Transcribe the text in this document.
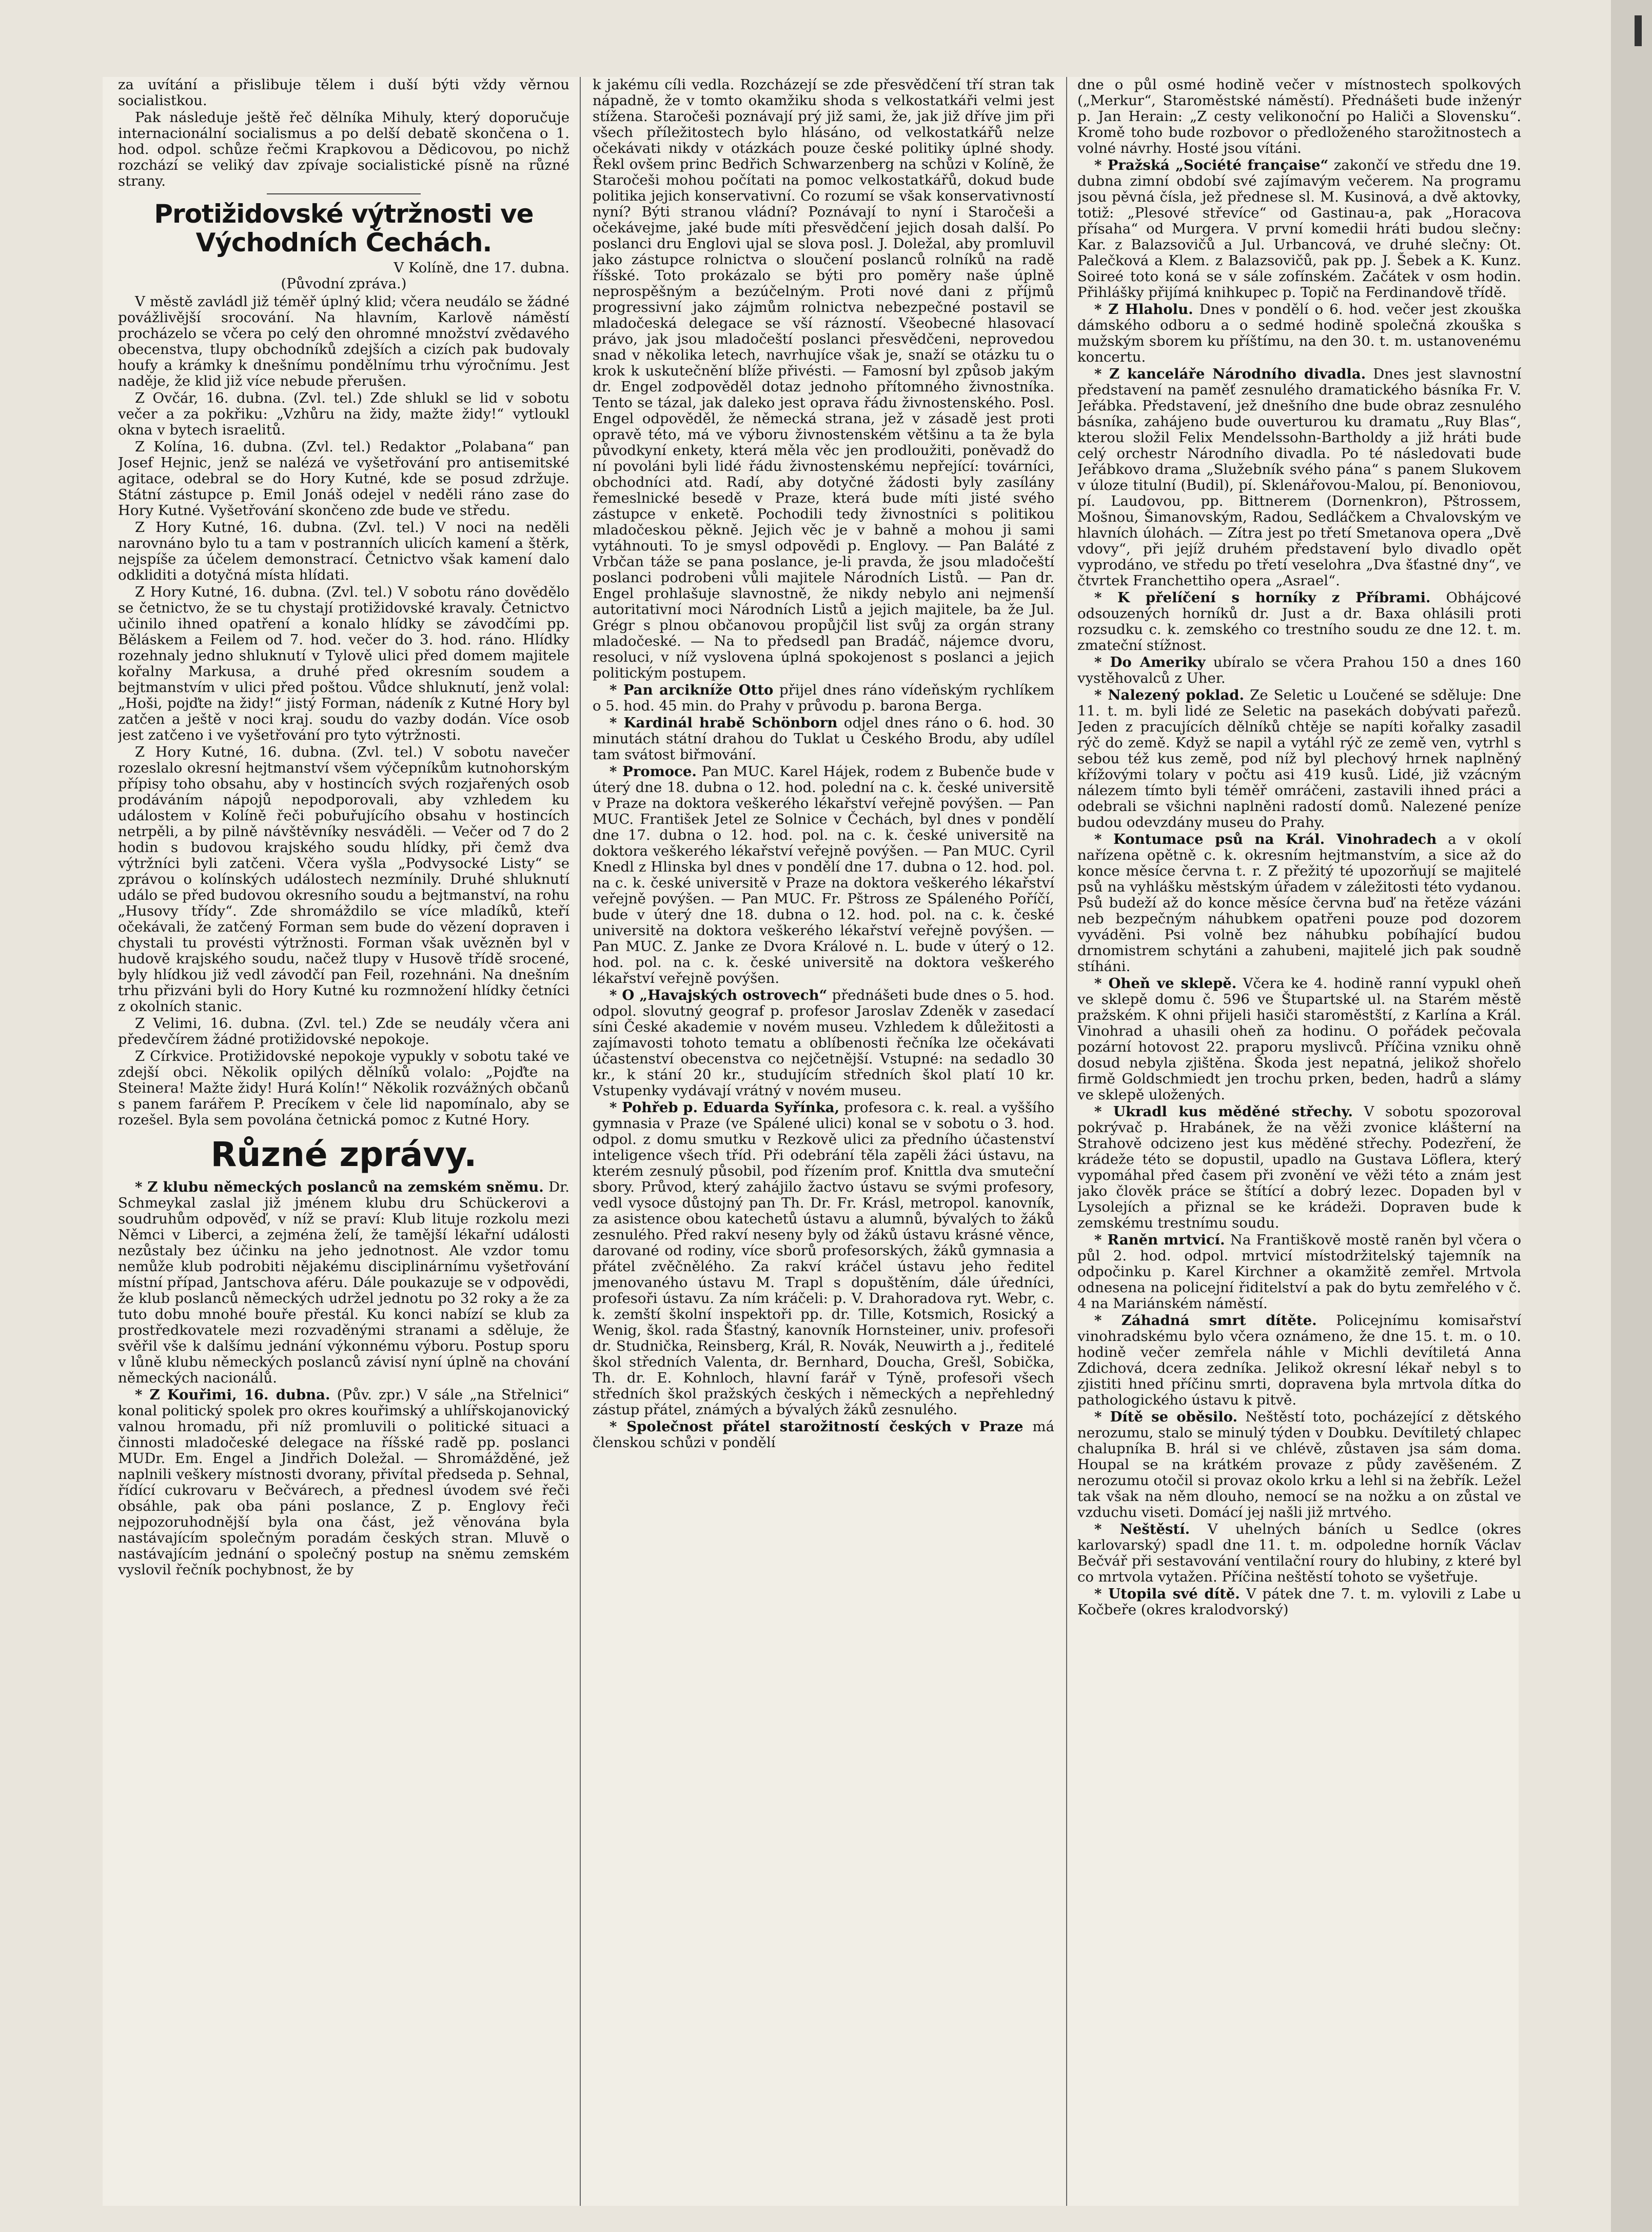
za uvítání a přislibuje tělem i duší býti vždy věrnou socialistkou.

Pak následuje ještě řeč dělníka Mihuly, který doporučuje internacionální socialismus a po delší debatě skončena o 1. hod. odpol. schůze řečmi Krapkovou a Dědicovou, po nichž rozchází se veliký dav zpívaje socialistické písně na různé strany.

Protižidovské výtržnosti ve Východních Čechách.
V Kolíně, dne 17. dubna.
(Původní zpráva.)

V městě zavládl již téměř úplný klid; včera neudálo se žádné povážlivější srocování. Na hlavním, Karlově náměstí procházelo se včera po celý den ohromné množství zvědavého obecenstva, tlupy obchodníků zdejších a cizích pak budovaly houfy a krámky k dnešnímu pondělnímu trhu výročnímu. Jest naděje, že klid již více nebude přerušen.

Z Ovčár, 16. dubna. (Zvl. tel.) Zde shlukl se lid v sobotu večer a za pokřiku: „Vzhůru na židy, mažte židy!“ vytloukl okna v bytech israelitů.

Z Kolína, 16. dubna. (Zvl. tel.) Redaktor „Polabana“ pan Josef Hejnic, jenž se nalézá ve vyšetřování pro antisemitské agitace, odebral se do Hory Kutné, kde se posud zdržuje. Státní zástupce p. Emil Jonáš odejel v neděli ráno zase do Hory Kutné. Vyšetřování skončeno zde bude ve středu.

Z Hory Kutné, 16. dubna. (Zvl. tel.) V noci na neděli narovnáno bylo tu a tam v postranních ulicích kamení a štěrk, nejspíše za účelem demonstrací. Četnictvo však kamení dalo odkliditi a dotyčná místa hlídati.

Z Hory Kutné, 16. dubna. (Zvl. tel.) V sobotu ráno dovědělo se četnictvo, že se tu chystají protižidovské kravaly. Četnictvo učinilo ihned opatření a konalo hlídky se závodčími pp. Běláskem a Feilem od 7. hod. večer do 3. hod. ráno. Hlídky rozehnaly jedno shluknutí v Tylově ulici před domem majitele kořalny Markusa, a druhé před okresním soudem a bejtmanstvím v ulici před poštou. Vůdce shluknutí, jenž volal: „Hoši, pojďte na židy!“ jistý Forman, nádeník z Kutné Hory byl zatčen a ještě v noci kraj. soudu do vazby dodán. Více osob jest zatčeno i ve vyšetřování pro tyto výtržnosti.

Z Hory Kutné, 16. dubna. (Zvl. tel.) V sobotu navečer rozeslalo okresní hejtmanství všem výčepníkům kutnohorským přípisy toho obsahu, aby v hostincích svých rozjařených osob prodáváním nápojů nepodporovali, aby vzhledem ku událostem v Kolíně řeči pobuřujícího obsahu v hostincích netrpěli, a by pilně návštěvníky nesváděli. — Večer od 7 do 2 hodin s budovou krajského soudu hlídky, při čemž dva výtržníci byli zatčeni. Včera vyšla „Podvysocké Listy“ se zprávou o kolínských událostech nezmínily. Druhé shluknutí událo se před budovou okresního soudu a bejtmanství, na rohu „Husovy třídy“. Zde shromáždilo se více mladíků, kteří očekávali, že zatčený Forman sem bude do vězení dopraven i chystali tu provésti výtržnosti. Forman však uvězněn byl v hudově krajského soudu, načež tlupy v Husově třídě srocené, byly hlídkou již vedl závodčí pan Feil, rozehnáni. Na dnešním trhu přizváni byli do Hory Kutné ku rozmnožení hlídky četníci z okolních stanic.

Z Velimi, 16. dubna. (Zvl. tel.) Zde se neudály včera ani předevčírem žádné protižidovské nepokoje.

Z Církvice. Protižidovské nepokoje vypukly v sobotu také ve zdejší obci. Několik opilých dělníků volalo: „Pojďte na Steinera! Mažte židy! Hurá Kolín!“ Několik rozvážných občanů s panem farářem P. Precíkem v čele lid napomínalo, aby se rozešel. Byla sem povolána četnická pomoc z Kutné Hory.

Různé zprávy.

* Z klubu německých poslanců na zemském sněmu. Dr. Schmeykal zaslal již jménem klubu dru Schückerovi a soudruhům odpověď, v níž se praví: Klub lituje rozkolu mezi Němci v Liberci, a zejména želí, že tamější lékařní události nezůstaly bez účinku na jeho jednotnost. Ale vzdor tomu nemůže klub podrobiti nějakému disciplinárnímu vyšetřování místní případ, Jantschova aféru. Dále poukazuje se v odpovědi, že klub poslanců německých udržel jednotu po 32 roky a že za tuto dobu mnohé bouře přestál. Ku konci nabízí se klub za prostředkovatele mezi rozvaděnými stranami a sděluje, že svěřil vše k dalšímu jednání výkonnému výboru. Postup sporu v lůně klubu německých poslanců závisí nyní úplně na chování německých nacionálů.

* Z Kouřimi, 16. dubna. (Pův. zpr.) V sále „na Střelnici“ konal politický spolek pro okres kouřimský a uhlířskojanovický valnou hromadu, při níž promluvili o politické situaci a činnosti mladočeské delegace na říšské radě pp. poslanci MUDr. Em. Engel a Jindřich Doležal. — Shromážděné, jež naplnili veškery místnosti dvorany, přivítal předseda p. Sehnal, řídící cukrovaru v Bečvárech, a přednesl úvodem své řeči obsáhle, pak oba páni poslance, Z p. Englovy řeči nejpozoruhodnější byla ona část, jež věnována byla nastávajícím společným poradám českých stran. Mluvě o nastávajícím jednání o společný postup na sněmu zemském vyslovil řečník pochybnost, že by

k jakému cíli vedla. Rozcházejí se zde přesvědčení tří stran tak nápadně, že v tomto okamžiku shoda s velkostatkáři velmi jest stížena. Staročeši poznávají prý již sami, že, jak již dříve jim při všech příležitostech bylo hlásáno, od velkostatkářů nelze očekávati nikdy v otázkách pouze české politiky úplné shody. Řekl ovšem princ Bedřich Schwarzenberg na schůzi v Kolíně, že Staročeši mohou počítati na pomoc velkostatkářů, dokud bude politika jejich konservativní. Co rozumí se však konservativností nyní? Býti stranou vládní? Poznávají to nyní i Staročeši a očekávejme, jaké bude míti přesvědčení jejich dosah další. Po poslanci dru Englovi ujal se slova posl. J. Doležal, aby promluvil jako zástupce rolnictva o sloučení poslanců rolníků na radě říšské. Toto prokázalo se býti pro poměry naše úplně neprospěšným a bezúčelným. Proti nové dani z příjmů progressivní jako zájmům rolnictva nebezpečné postavil se mladočeská delegace se vší rázností. Všeobecné hlasovací právo, jak jsou mladočeští poslanci přesvědčeni, neprovedou snad v několika letech, navrhujíce však je, snaží se otázku tu o krok k uskutečnění blíže přivésti. — Famosní byl způsob jakým dr. Engel zodpověděl dotaz jednoho přítomného živnostníka. Tento se tázal, jak daleko jest oprava řádu živnostenského. Posl. Engel odpověděl, že německá strana, jež v zásadě jest proti opravě této, má ve výboru živnostenském většinu a ta že byla původkyní enkety, která měla věc jen prodloužiti, poněvadž do ní povoláni byli lidé řádu živnostenskému nepřející: továrníci, obchodníci atd. Radí, aby dotyčné žádosti byly zasílány řemeslnické besedě v Praze, která bude míti jisté svého zástupce v enketě. Pochodili tedy živnostníci s politikou mladočeskou pěkně. Jejich věc je v bahně a mohou ji sami vytáhnouti. To je smysl odpovědi p. Englovy. — Pan Baláté z Vrbčan táže se pana poslance, je-li pravda, že jsou mladočeští poslanci podrobeni vůli majitele Národních Listů. — Pan dr. Engel prohlašuje slavnostně, že nikdy nebylo ani nejmenší autoritativní moci Národních Listů a jejich majitele, ba že Jul. Grégr s plnou občanovou propůjčil list svůj za orgán strany mladočeské. — Na to předsedl pan Bradáč, nájemce dvoru, resoluci, v níž vyslovena úplná spokojenost s poslanci a jejich politickým postupem.

* Pan arcikníže Otto přijel dnes ráno vídeňským rychlíkem o 5. hod. 45 min. do Prahy v průvodu p. barona Berga.

* Kardinál hrabě Schönborn odjel dnes ráno o 6. hod. 30 minutách státní drahou do Tuklat u Českého Brodu, aby udílel tam svátost biřmování.

* Promoce. Pan MUC. Karel Hájek, rodem z Bubenče bude v úterý dne 18. dubna o 12. hod. polední na c. k. české universitě v Praze na doktora veškerého lékařství veřejně povýšen. — Pan MUC. František Jetel ze Solnice v Čechách, byl dnes v pondělí dne 17. dubna o 12. hod. pol. na c. k. české universitě na doktora veškerého lékařství veřejně povýšen. — Pan MUC. Cyril Knedl z Hlinska byl dnes v pondělí dne 17. dubna o 12. hod. pol. na c. k. české universitě v Praze na doktora veškerého lékařství veřejně povýšen. — Pan MUC. Fr. Pštross ze Spáleného Poříčí, bude v úterý dne 18. dubna o 12. hod. pol. na c. k. české universitě na doktora veškerého lékařství veřejně povýšen. — Pan MUC. Z. Janke ze Dvora Králové n. L. bude v úterý o 12. hod. pol. na c. k. české universitě na doktora veškerého lékařství veřejně povýšen.

* O „Havajských ostrovech“ přednášeti bude dnes o 5. hod. odpol. slovutný geograf p. profesor Jaroslav Zdeněk v zasedací síni České akademie v novém museu. Vzhledem k důležitosti a zajímavosti tohoto tematu a oblíbenosti řečníka lze očekávati účastenství obecenstva co nejčetnější. Vstupné: na sedadlo 30 kr., k stání 20 kr., studujícím středních škol platí 10 kr. Vstupenky vydávají vrátný v novém museu.

* Pohřeb p. Eduarda Syřínka, profesora c. k. real. a vyššího gymnasia v Praze (ve Spálené ulici) konal se v sobotu o 3. hod. odpol. z domu smutku v Rezkově ulici za předního účastenství inteligence všech tříd. Při odebrání těla zapěli žáci ústavu, na kterém zesnulý působil, pod řízením prof. Knittla dva smuteční sbory. Průvod, který zahájilo žactvo ústavu se svými profesory, vedl vysoce důstojný pan Th. Dr. Fr. Krásl, metropol. kanovník, za asistence obou katechetů ústavu a alumnů, bývalých to žáků zesnulého. Před rakví neseny byly od žáků ústavu krásné věnce, darované od rodiny, více sborů profesorských, žáků gymnasia a přátel zvěčnělého. Za rakví kráčel ústavu jeho ředitel jmenovaného ústavu M. Trapl s dopuštěním, dále úředníci, profesoři ústavu. Za ním kráčeli: p. V. Drahoradova ryt. Webr, c. k. zemští školní inspektoři pp. dr. Tille, Kotsmich, Rosický a Wenig, škol. rada Šťastný, kanovník Hornsteiner, univ. profesoři dr. Studnička, Reinsberg, Král, R. Novák, Neuwirth a j., ředitelé škol středních Valenta, dr. Bernhard, Doucha, Grešl, Sobička, Th. dr. E. Kohnloch, hlavní farář v Týně, profesoři všech středních škol pražských českých i německých a nepřehledný zástup přátel, známých a bývalých žáků zesnulého.

* Společnost přátel starožitností českých v Praze má členskou schůzi v pondělí

dne o půl osmé hodině večer v místnostech spolkových („Merkur“, Staroměstské náměstí). Přednášeti bude inženýr p. Jan Herain: „Z cesty velikonoční po Haliči a Slovensku“. Kromě toho bude rozbovor o předloženého starožitnostech a volné návrhy. Hosté jsou vítáni.

* Pražská „Société française“ zakončí ve středu dne 19. dubna zimní období své zajímavým večerem. Na programu jsou pěvná čísla, jež přednese sl. M. Kusinová, a dvě aktovky, totiž: „Plesové střevíce“ od Gastinau-a, pak „Horacova přísaha“ od Murgera. V první komedii hráti budou slečny: Kar. z Balazsovičů a Jul. Urbancová, ve druhé slečny: Ot. Palečková a Klem. z Balazsovičů, pak pp. J. Šebek a K. Kunz. Soireé toto koná se v sále zofínském. Začátek v osm hodin. Přihlášky přijímá knihkupec p. Topič na Ferdinandově třídě.

* Z Hlaholu. Dnes v pondělí o 6. hod. večer jest zkouška dámského odboru a o sedmé hodině společná zkouška s mužským sborem ku příštímu, na den 30. t. m. ustanovenému koncertu.

* Z kanceláře Národního divadla. Dnes jest slavnostní představení na paměť zesnulého dramatického básníka Fr. V. Jeřábka. Představení, jež dnešního dne bude obraz zesnulého básníka, zahájeno bude ouverturou ku dramatu „Ruy Blas“, kterou složil Felix Mendelssohn-Bartholdy a již hráti bude celý orchestr Národního divadla. Po té následovati bude Jeřábkovo drama „Služebník svého pána“ s panem Slukovem v úloze titulní (Budil), pí. Sklenářovou-Malou, pí. Benoniovou, pí. Laudovou, pp. Bittnerem (Dornenkron), Pštrossem, Mošnou, Šimanovským, Radou, Sedláčkem a Chvalovským ve hlavních úlohách. — Zítra jest po třetí Smetanova opera „Dvě vdovy“, při jejíž druhém představení bylo divadlo opět vyprodáno, ve středu po třetí veselohra „Dva šťastné dny“, ve čtvrtek Franchettiho opera „Asrael“.

* K přelíčení s horníky z Příbrami. Obhájcové odsouzených horníků dr. Just a dr. Baxa ohlásili proti rozsudku c. k. zemského co trestního soudu ze dne 12. t. m. zmateční stížnost.

* Do Ameriky ubíralo se včera Prahou 150 a dnes 160 vystěhovalců z Uher.

* Nalezený poklad. Ze Seletic u Loučené se sděluje: Dne 11. t. m. byli lidé ze Seletic na pasekách dobývati pařezů. Jeden z pracujících dělníků chtěje se napíti kořalky zasadil rýč do země. Když se napil a vytáhl rýč ze země ven, vytrhl s sebou též kus země, pod níž byl plechový hrnek naplněný křížovými tolary v počtu asi 419 kusů. Lidé, již vzácným nálezem tímto byli téměř omráčeni, zastavili ihned práci a odebrali se všichni naplněni radostí domů. Nalezené peníze budou odevzdány museu do Prahy.

* Kontumace psů na Král. Vinohradech a v okolí nařízena opětně c. k. okresním hejtmanstvím, a sice až do konce měsíce června t. r. Z přežitý té upozorňují se majitelé psů na vyhlášku městským úřadem v záležitosti této vydanou. Psů budeží až do konce měsíce června buď na řetěze vázáni neb bezpečným náhubkem opatřeni pouze pod dozorem vyváděni. Psi volně bez náhubku pobíhající budou drnomistrem schytáni a zahubeni, majitelé jich pak soudně stíháni.

* Oheň ve sklepě. Včera ke 4. hodině ranní vypukl oheň ve sklepě domu č. 596 ve Štupartské ul. na Starém městě pražském. K ohni přijeli hasiči staroměstští, z Karlína a Král. Vinohrad a uhasili oheň za hodinu. O pořádek pečovala pozární hotovost 22. praporu myslivců. Příčina vzniku ohně dosud nebyla zjištěna. Škoda jest nepatná, jelikož shořelo firmě Goldschmiedt jen trochu prken, beden, hadrů a slámy ve sklepě uložených.

* Ukradl kus měděné střechy. V sobotu spozoroval pokrývač p. Hrabánek, že na věži zvonice klášterní na Strahově odcizeno jest kus měděné střechy. Podezření, že krádeže této se dopustil, upadlo na Gustava Löflera, který vypomáhal před časem při zvonění ve věži této a znám jest jako člověk práce se štítící a dobrý lezec. Dopaden byl v Lysolejích a přiznal se ke krádeži. Dopraven bude k zemskému trestnímu soudu.

* Raněn mrtvicí. Na Františkově mostě raněn byl včera o půl 2. hod. odpol. mrtvicí místodržitelský tajemník na odpočinku p. Karel Kirchner a okamžitě zemřel. Mrtvola odnesena na policejní řiditelství a pak do bytu zemřelého v č. 4 na Mariánském náměstí.

* Záhadná smrt dítěte. Policejnímu komisařství vinohradskému bylo včera oznámeno, že dne 15. t. m. o 10. hodině večer zemřela náhle v Michli devítiletá Anna Zdichová, dcera zedníka. Jelikož okresní lékař nebyl s to zjistiti hned příčinu smrti, dopravena byla mrtvola dítka do pathologického ústavu k pitvě.

* Dítě se oběsilo. Neštěstí toto, pocházející z dětského nerozumu, stalo se minulý týden v Doubku. Devítiletý chlapec chalupníka B. hrál si ve chlévě, zůstaven jsa sám doma. Houpal se na krátkém provaze z půdy zavěšeném. Z nerozumu otočil si provaz okolo krku a lehl si na žebřík. Ležel tak však na něm dlouho, nemocí se na nožku a on zůstal ve vzduchu viseti. Domácí jej našli již mrtvého.

* Neštěstí. V uhelných báních u Sedlce (okres karlovarský) spadl dne 11. t. m. odpoledne horník Václav Bečvář při sestavování ventilační roury do hlubiny, z které byl co mrtvola vytažen. Příčina neštěstí tohoto se vyšetřuje.

* Utopila své dítě. V pátek dne 7. t. m. vylovili z Labe u Kočbeře (okres kralodvorský)
